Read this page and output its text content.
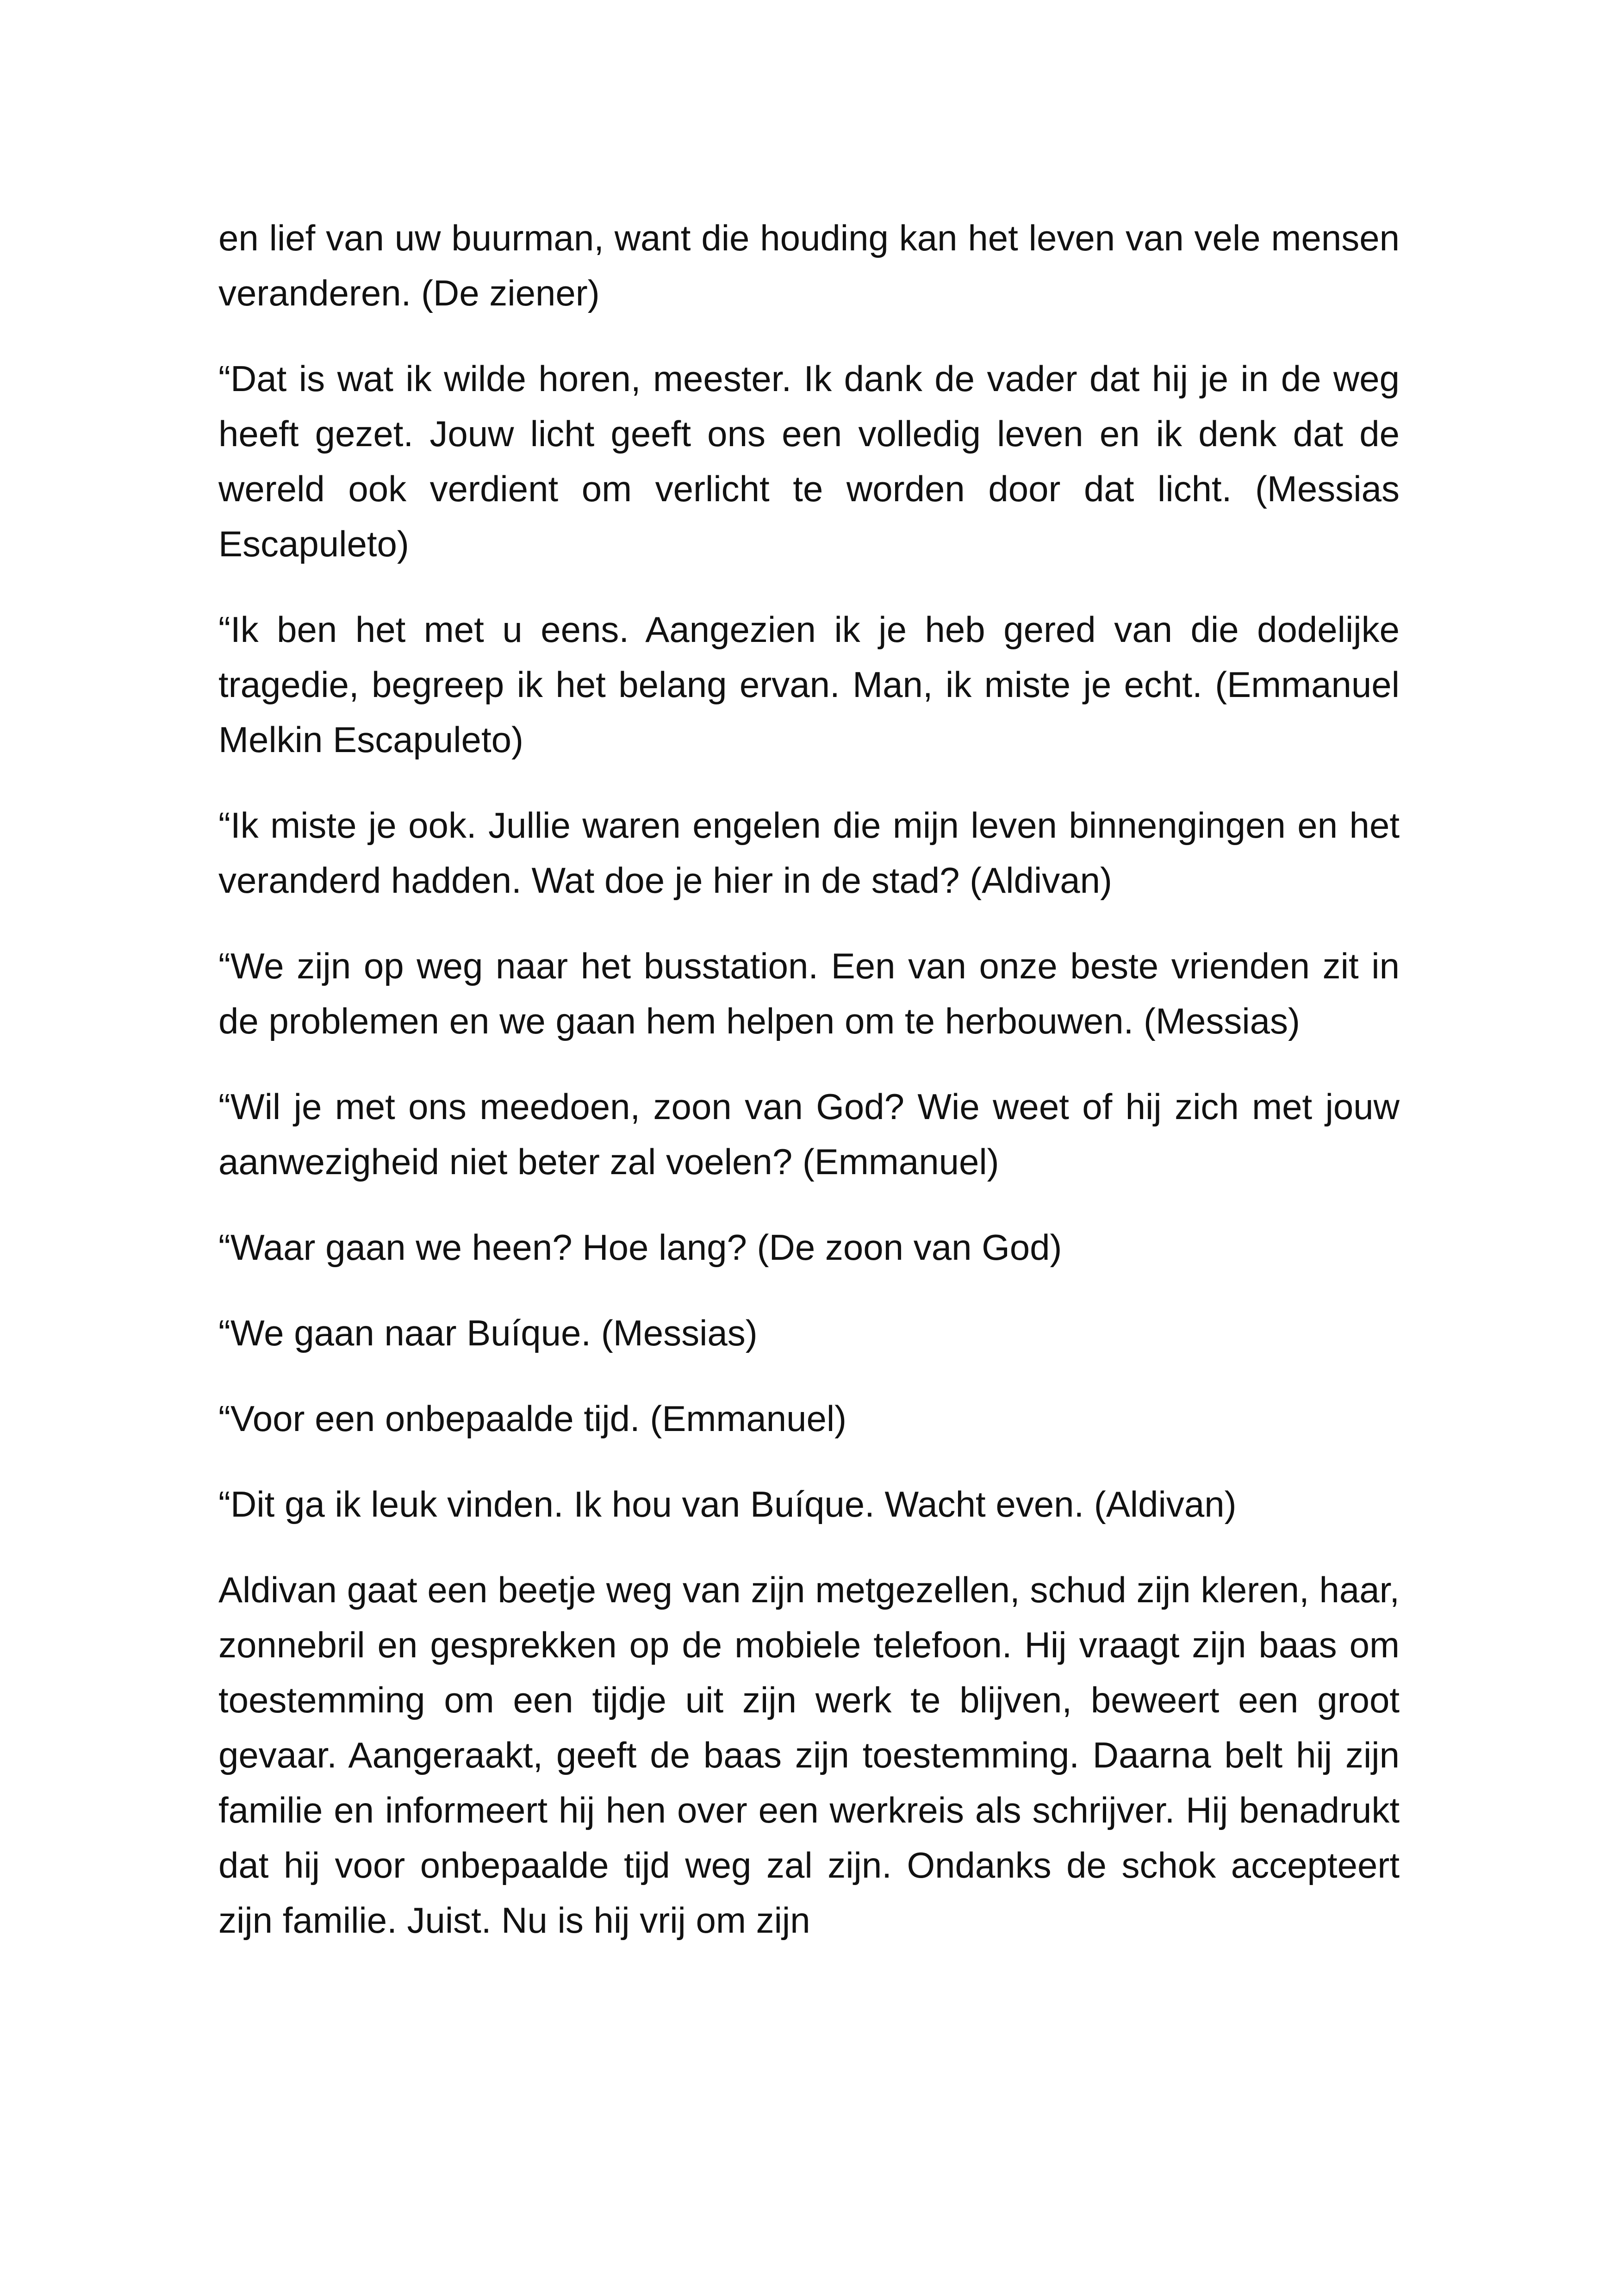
en lief van uw buurman, want die houding kan het leven van vele mensen veranderen. (De ziener)

“Dat is wat ik wilde horen, meester. Ik dank de vader dat hij je in de weg heeft gezet. Jouw licht geeft ons een volledig leven en ik denk dat de wereld ook verdient om verlicht te worden door dat licht. (Messias Escapuleto)

“Ik ben het met u eens. Aangezien ik je heb gered van die dodelijke tragedie, begreep ik het belang ervan. Man, ik miste je echt. (Emmanuel Melkin Escapuleto)

“Ik miste je ook. Jullie waren engelen die mijn leven binnengingen en het veranderd hadden. Wat doe je hier in de stad? (Aldivan)

“We zijn op weg naar het busstation. Een van onze beste vrienden zit in de problemen en we gaan hem helpen om te herbouwen. (Messias)

“Wil je met ons meedoen, zoon van God? Wie weet of hij zich met jouw aanwezigheid niet beter zal voelen? (Emmanuel)

“Waar gaan we heen? Hoe lang? (De zoon van God)

“We gaan naar Buíque. (Messias)

“Voor een onbepaalde tijd. (Emmanuel)

“Dit ga ik leuk vinden. Ik hou van Buíque. Wacht even. (Aldivan)

Aldivan gaat een beetje weg van zijn metgezellen, schud zijn kleren, haar, zonnebril en gesprekken op de mobiele telefoon. Hij vraagt zijn baas om toestemming om een tijdje uit zijn werk te blijven, beweert een groot gevaar. Aangeraakt, geeft de baas zijn toestemming. Daarna belt hij zijn familie en informeert hij hen over een werkreis als schrijver. Hij benadrukt dat hij voor onbepaalde tijd weg zal zijn. Ondanks de schok accepteert zijn familie. Juist. Nu is hij vrij om zijn
